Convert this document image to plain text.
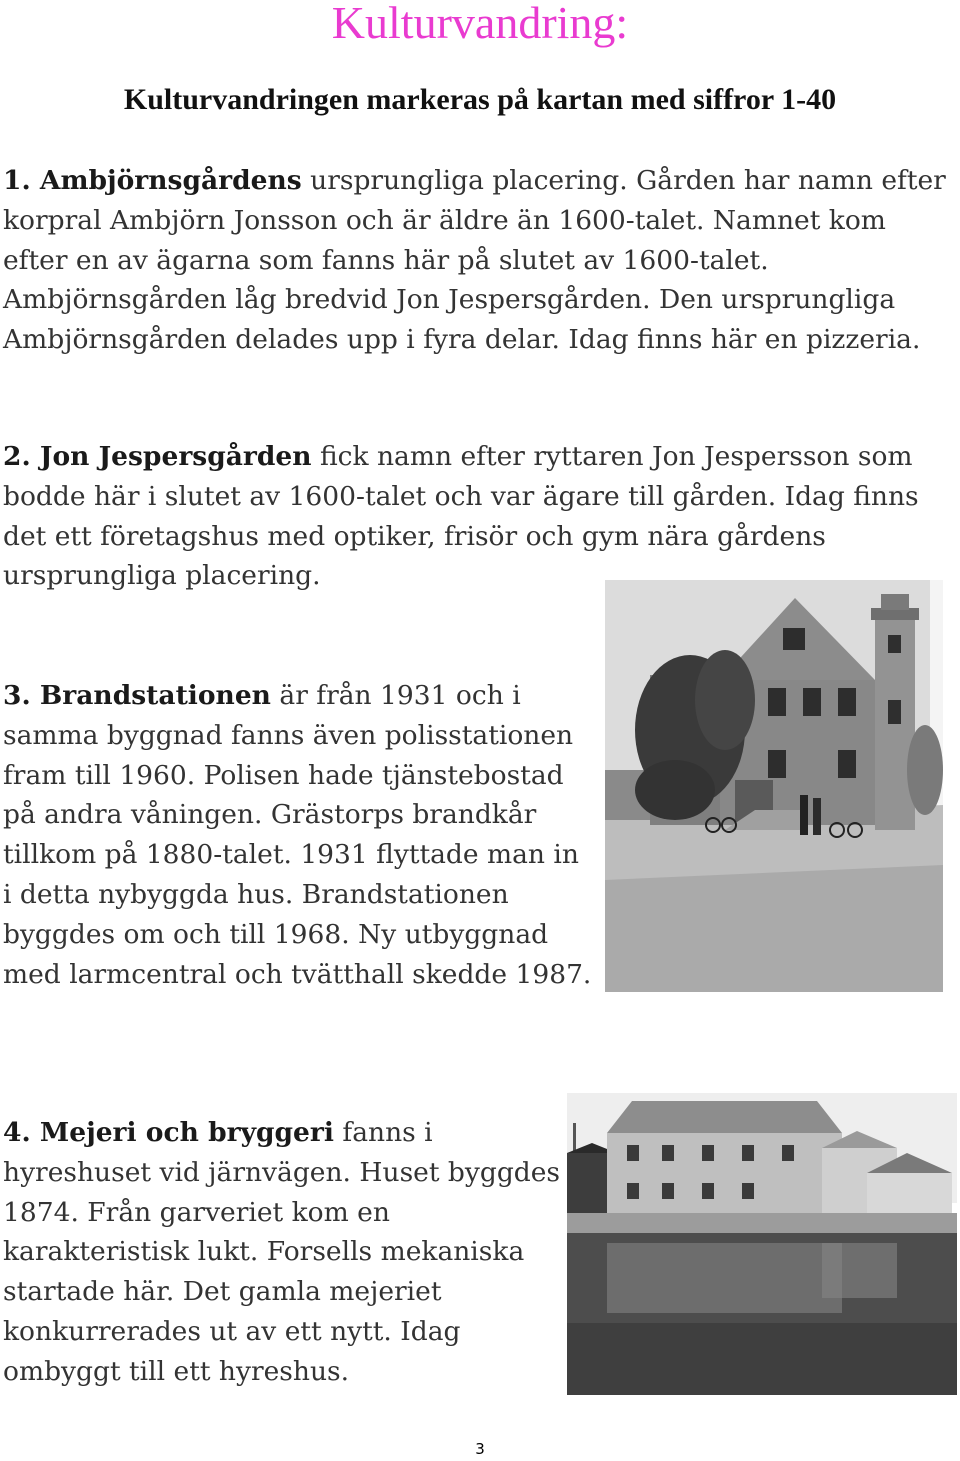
Kulturvandring:
Kulturvandringen markeras på kartan med siffror 1-40

1. Ambjörnsgårdens ursprungliga placering. Gården har namn efter korpral Ambjörn Jonsson och är äldre än 1600-talet. Namnet kom efter en av ägarna som fanns här på slutet av 1600-talet. Ambjörnsgården låg bredvid Jon Jespersgården. Den ursprungliga Ambjörnsgården delades upp i fyra delar. Idag finns här en pizzeria.

2. Jon Jespersgården fick namn efter ryttaren Jon Jespersson som bodde här i slutet av 1600-talet och var ägare till gården. Idag finns det ett företagshus med optiker, frisör och gym nära gårdens ursprungliga placering.

3. Brandstationen är från 1931 och i samma byggnad fanns även polisstationen fram till 1960. Polisen hade tjänstebostad på andra våningen. Grästorps brandkår tillkom på 1880-talet. 1931 flyttade man in i detta nybyggda hus. Brandstationen byggdes om och till 1968. Ny utbyggnad med larmcentral och tvätthall skedde 1987.

4. Mejeri och bryggeri fanns i hyreshuset vid järnvägen. Huset byggdes 1874. Från garveriet kom en karakteristisk lukt. Forsells mekaniska startade här. Det gamla mejeriet konkurrerades ut av ett nytt. Idag ombyggt till ett hyreshus.

3
